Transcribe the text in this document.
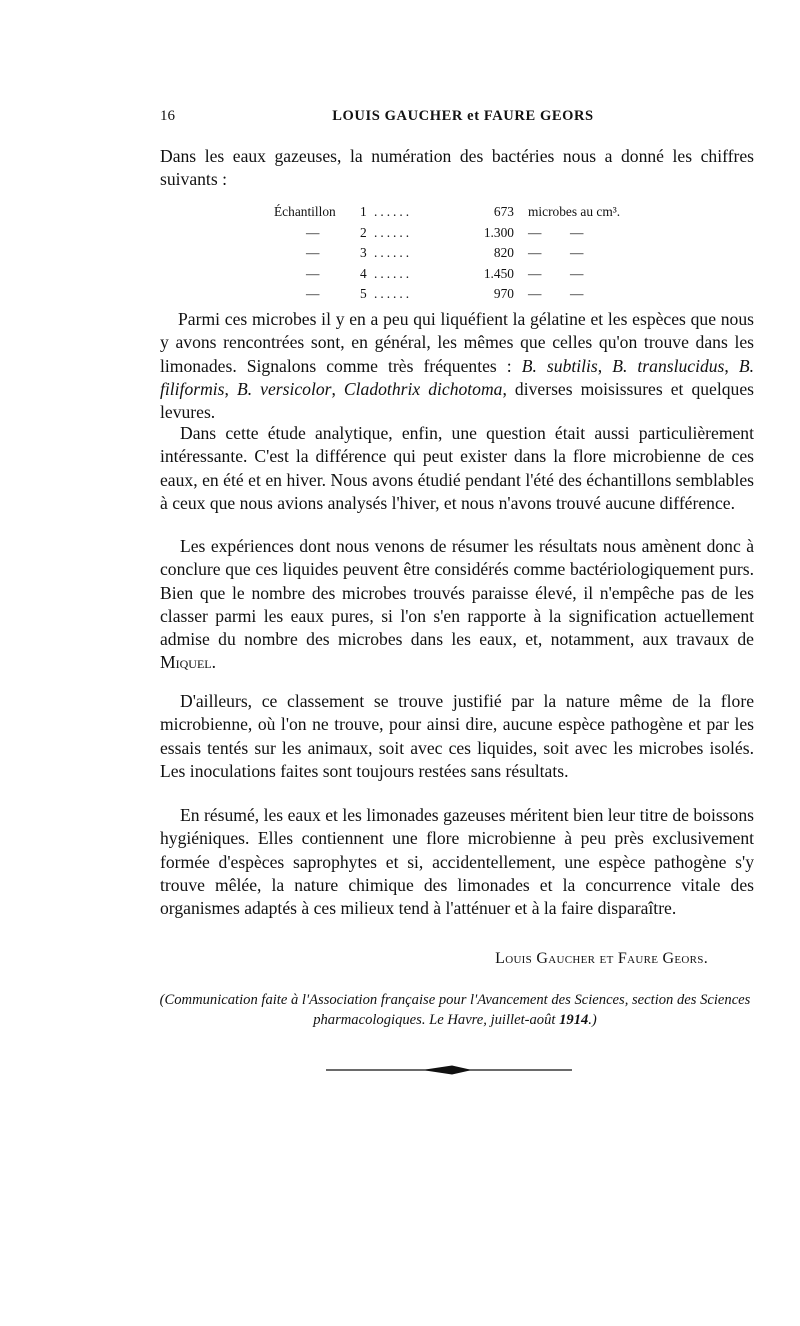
16	LOUIS GAUCHER et FAURE GEORS

Dans les eaux gazeuses, la numération des bactéries nous a donné les chiffres suivants :

Échantillon	1 ......	673 microbes au cm³.
—	2 ......	1.300 — —
—	3 ......	820 — —
—	4 ......	1.450 — —
—	5 ......	970 — —

Parmi ces microbes il y en a peu qui liquéfient la gélatine et les espèces que nous y avons rencontrées sont, en général, les mêmes que celles qu'on trouve dans les limonades. Signalons comme très fréquentes : B. subtilis, B. translucidus, B. filiformis, B. versicolor, Cladothrix dichotoma, diverses moisissures et quelques levures.

Dans cette étude analytique, enfin, une question était aussi particulièrement intéressante. C'est la différence qui peut exister dans la flore microbienne de ces eaux, en été et en hiver. Nous avons étudié pendant l'été des échantillons semblables à ceux que nous avions analysés l'hiver, et nous n'avons trouvé aucune différence.

Les expériences dont nous venons de résumer les résultats nous amènent donc à conclure que ces liquides peuvent être considérés comme bactériologiquement purs. Bien que le nombre des microbes trouvés paraisse élevé, il n'empêche pas de les classer parmi les eaux pures, si l'on s'en rapporte à la signification actuellement admise du nombre des microbes dans les eaux, et, notamment, aux travaux de Miquel.

D'ailleurs, ce classement se trouve justifié par la nature même de la flore microbienne, où l'on ne trouve, pour ainsi dire, aucune espèce pathogène et par les essais tentés sur les animaux, soit avec ces liquides, soit avec les microbes isolés. Les inoculations faites sont toujours restées sans résultats.

En résumé, les eaux et les limonades gazeuses méritent bien leur titre de boissons hygiéniques. Elles contiennent une flore microbienne à peu près exclusivement formée d'espèces saprophytes et si, accidentellement, une espèce pathogène s'y trouve mêlée, la nature chimique des limonades et la concurrence vitale des organismes adaptés à ces milieux tend à l'atténuer et à la faire disparaître.

Louis Gaucher et Faure Geors.
(Communication faite à l'Association française pour l'Avancement des Sciences, section des Sciences pharmacologiques. Le Havre, juillet-août 1914.)
